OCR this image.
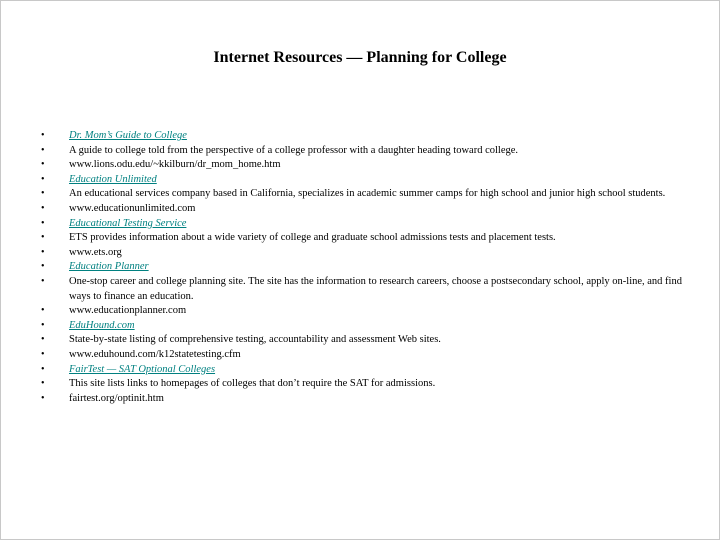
Internet Resources — Planning for College
• Dr. Mom’s Guide to College
• A guide to college told from the perspective of a college professor with a daughter heading toward college.
• www.lions.odu.edu/~kkilburn/dr_mom_home.htm
• Education Unlimited
• An educational services company based in California, specializes in academic summer camps for high school and junior high school students.
• www.educationunlimited.com
• Educational Testing Service
• ETS provides information about a wide variety of college and graduate school admissions tests and placement tests.
• www.ets.org
• Education Planner
• One-stop career and college planning site. The site has the information to research careers, choose a postsecondary school, apply on-line, and find ways to finance an education.
• www.educationplanner.com
• EduHound.com
• State-by-state listing of comprehensive testing, accountability and assessment Web sites.
• www.eduhound.com/k12statetesting.cfm
• FairTest — SAT Optional Colleges
• This site lists links to homepages of colleges that don’t require the SAT for admissions.
• fairtest.org/optinit.htm
